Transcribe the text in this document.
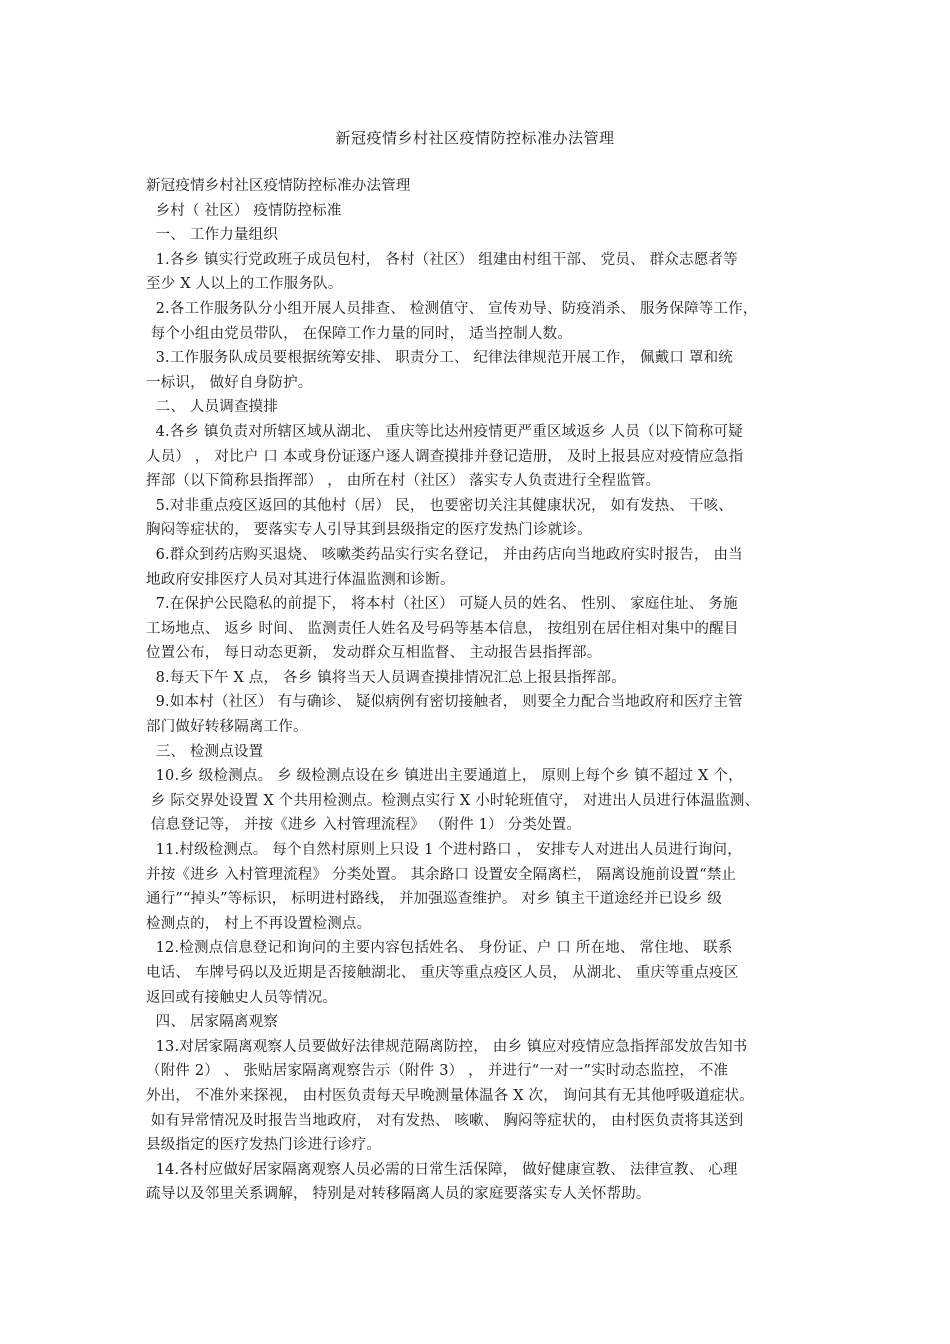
新冠疫情乡村社区疫情防控标准办法管理
新冠疫情乡村社区疫情防控标准办法管理
乡村（ 社区） 疫情防控标准
一、 工作力量组织
1.各乡 镇实行党政班子成员包村， 各村（社区） 组建由村组干部、 党员、 群众志愿者等
至少 X 人以上的工作服务队。
2.各工作服务队分小组开展人员排查、 检测值守、 宣传劝导、防疫消杀、 服务保障等工作，
每个小组由党员带队， 在保障工作力量的同时， 适当控制人数。
3.工作服务队成员要根据统筹安排、 职责分工、 纪律法律规范开展工作， 佩戴口 罩和统
一标识， 做好自身防护。
二、 人员调查摸排
4.各乡 镇负责对所辖区域从湖北、 重庆等比达州疫情更严重区域返乡 人员（以下简称可疑
人员） ， 对比户 口 本或身份证逐户逐人调查摸排并登记造册， 及时上报县应对疫情应急指
挥部（以下简称县指挥部） ， 由所在村（社区） 落实专人负责进行全程监管。
5.对非重点疫区返回的其他村（居） 民， 也要密切关注其健康状况， 如有发热、 干咳、
胸闷等症状的， 要落实专人引导其到县级指定的医疗发热门诊就诊。
6.群众到药店购买退烧、 咳嗽类药品实行实名登记， 并由药店向当地政府实时报告， 由当
地政府安排医疗人员对其进行体温监测和诊断。
7.在保护公民隐私的前提下， 将本村（社区） 可疑人员的姓名、 性别、 家庭住址、 务施
工场地点、 返乡 时间、 监测责任人姓名及号码等基本信息， 按组别在居住相对集中的醒目
位置公布， 每日动态更新， 发动群众互相监督、 主动报告县指挥部。
8.每天下午 X 点， 各乡 镇将当天人员调查摸排情况汇总上报县指挥部。
9.如本村（社区） 有与确诊、 疑似病例有密切接触者， 则要全力配合当地政府和医疗主管
部门做好转移隔离工作。
三、 检测点设置
10.乡 级检测点。 乡 级检测点设在乡 镇进出主要通道上， 原则上每个乡 镇不超过 X 个，
乡 际交界处设置 X 个共用检测点。检测点实行 X 小时轮班值守， 对进出人员进行体温监测、
信息登记等， 并按《进乡 入村管理流程》 （附件 1） 分类处置。
11.村级检测点。 每个自然村原则上只设 1 个进村路口 ， 安排专人对进出人员进行询问，
并按《进乡 入村管理流程》 分类处置。 其余路口 设置安全隔离栏， 隔离设施前设置“禁止
通行”“掉头”等标识， 标明进村路线， 并加强巡查维护。 对乡 镇主干道途经并已设乡 级
检测点的， 村上不再设置检测点。
12.检测点信息登记和询问的主要内容包括姓名、 身份证、户 口 所在地、 常住地、 联系
电话、 车牌号码以及近期是否接触湖北、 重庆等重点疫区人员， 从湖北、 重庆等重点疫区
返回或有接触史人员等情况。
四、 居家隔离观察
13.对居家隔离观察人员要做好法律规范隔离防控， 由乡 镇应对疫情应急指挥部发放告知书
（附件 2） 、 张贴居家隔离观察告示（附件 3） ， 并进行“一对一”实时动态监控， 不准
外出， 不准外来探视， 由村医负责每天早晚测量体温各 X 次， 询问其有无其他呼吸道症状。
如有异常情况及时报告当地政府， 对有发热、 咳嗽、 胸闷等症状的， 由村医负责将其送到
县级指定的医疗发热门诊进行诊疗。
14.各村应做好居家隔离观察人员必需的日常生活保障， 做好健康宣教、 法律宣教、 心理
疏导以及邻里关系调解， 特别是对转移隔离人员的家庭要落实专人关怀帮助。
